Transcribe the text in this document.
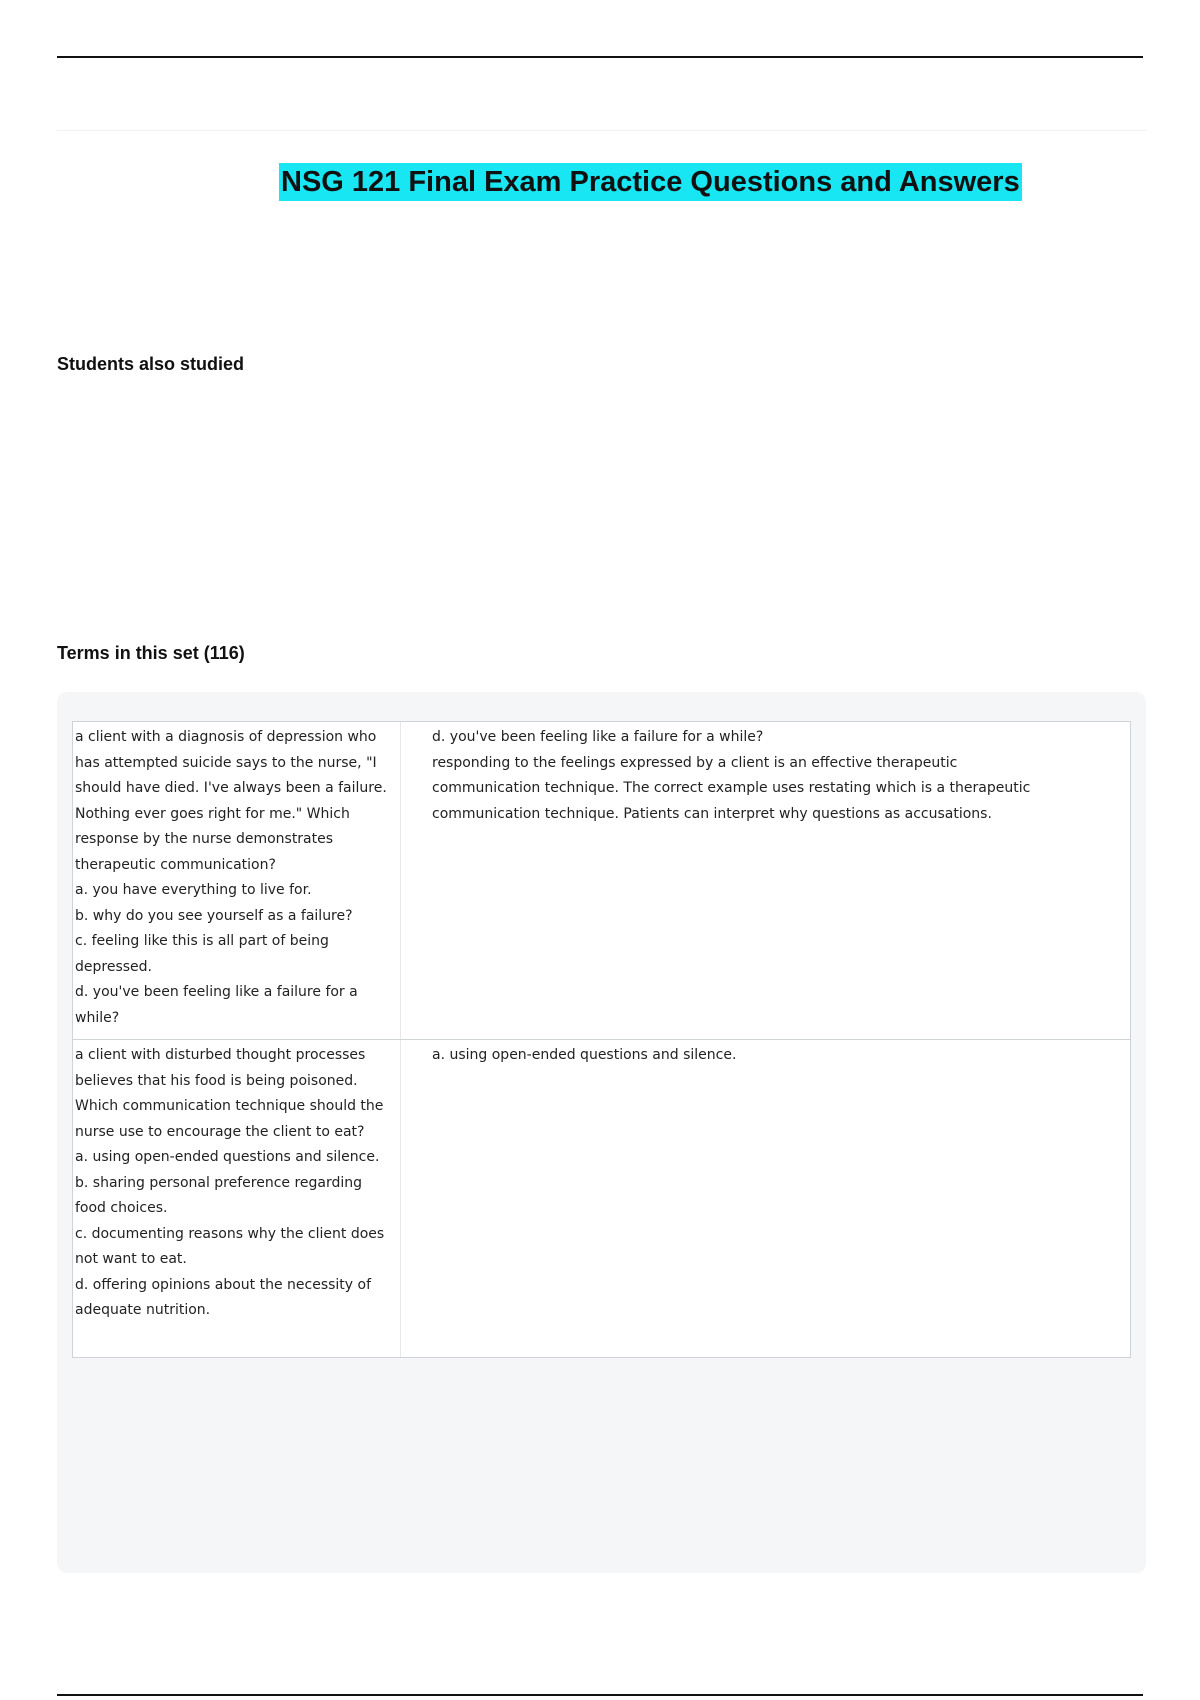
NSG 121 Final Exam Practice Questions and Answers
Students also studied
Terms in this set (116)
a client with a diagnosis of depression who has attempted suicide says to the nurse, "I should have died. I've always been a failure. Nothing ever goes right for me." Which response by the nurse demonstrates therapeutic communication?
a. you have everything to live for.
b. why do you see yourself as a failure?
c. feeling like this is all part of being depressed.
d. you've been feeling like a failure for a while?
d. you've been feeling like a failure for a while?
responding to the feelings expressed by a client is an effective therapeutic communication technique. The correct example uses restating which is a therapeutic communication technique. Patients can interpret why questions as accusations.
a client with disturbed thought processes believes that his food is being poisoned. Which communication technique should the nurse use to encourage the client to eat?
a. using open-ended questions and silence.
b. sharing personal preference regarding food choices.
c. documenting reasons why the client does not want to eat.
d. offering opinions about the necessity of adequate nutrition.
a. using open-ended questions and silence.
